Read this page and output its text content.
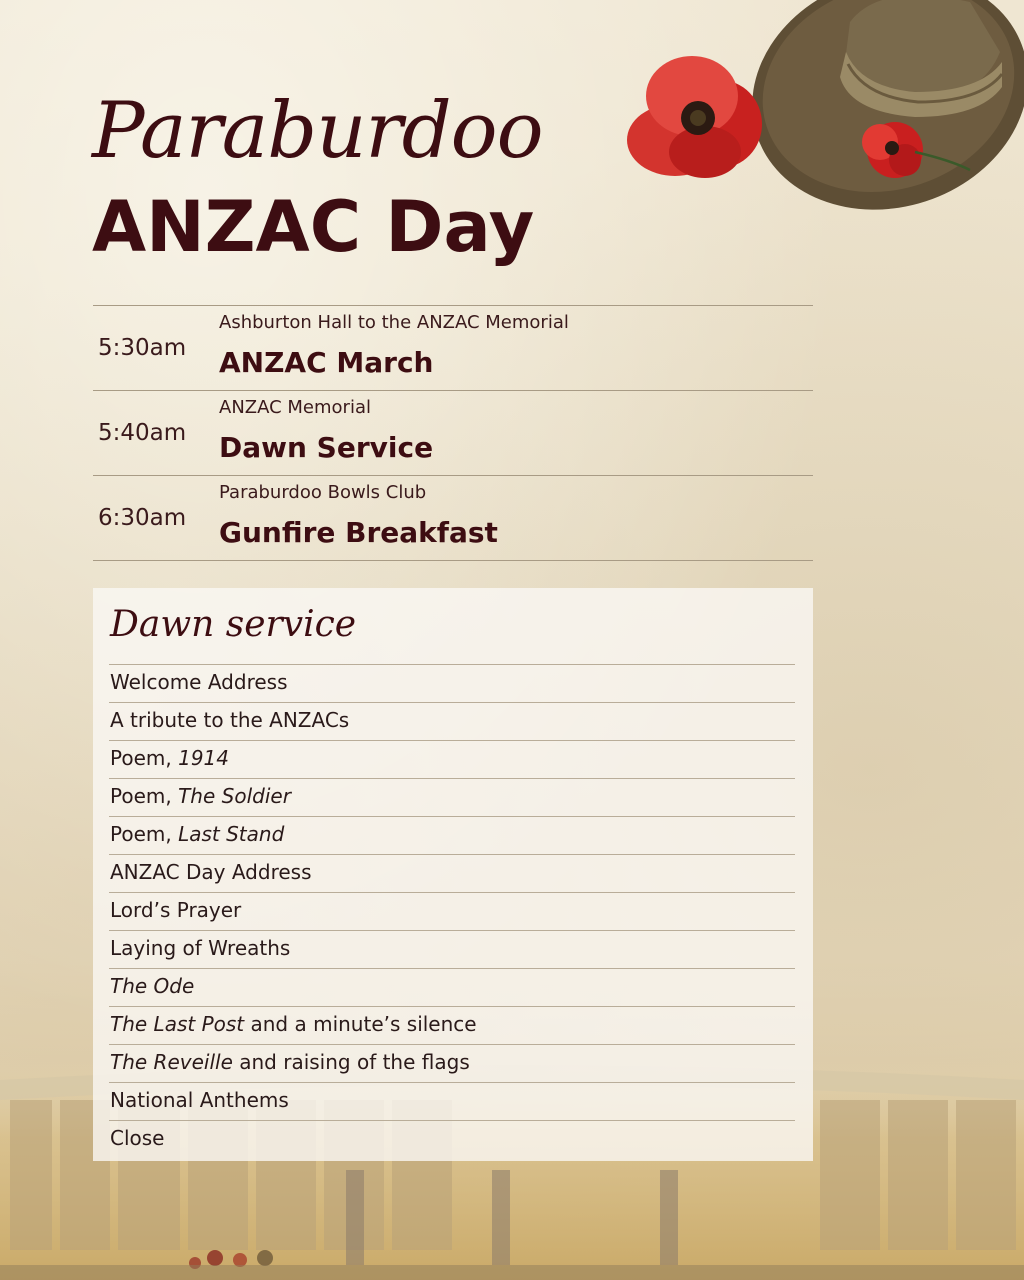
Paraburdoo
ANZAC Day
5:30am
Ashburton Hall to the ANZAC Memorial
ANZAC March
5:40am
ANZAC Memorial
Dawn Service
6:30am
Paraburdoo Bowls Club
Gunfire Breakfast
Dawn service
Welcome Address
A tribute to the ANZACs
Poem, 1914
Poem, The Soldier
Poem, Last Stand
ANZAC Day Address
Lord’s Prayer
Laying of Wreaths
The Ode
The Last Post and a minute’s silence
The Reveille and raising of the flags
National Anthems
Close
